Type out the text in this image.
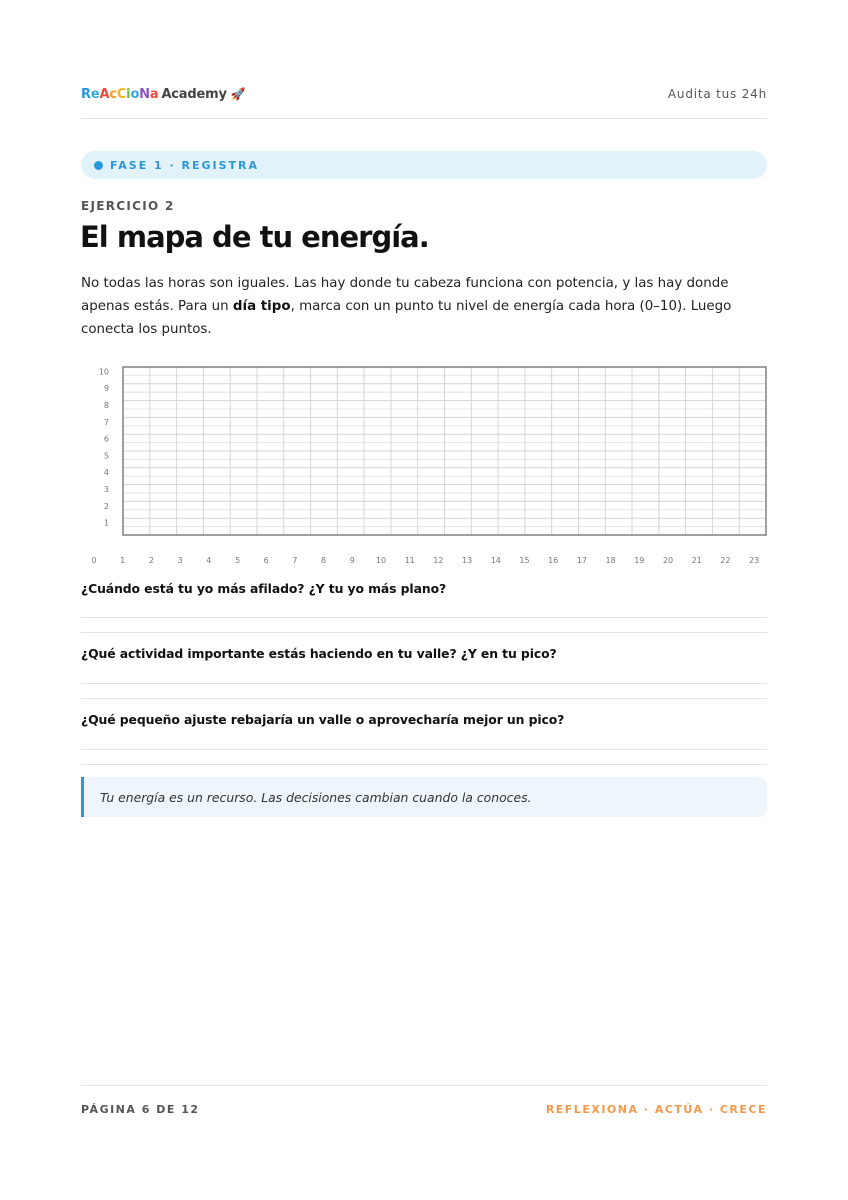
ReAcCioNa Academy 🚀	Audita tus 24h
FASE 1 · REGISTRA
EJERCICIO 2
El mapa de tu energía.

No todas las horas son iguales. Las hay donde tu cabeza funciona con potencia, y las hay donde apenas estás. Para un día tipo, marca con un punto tu nivel de energía cada hora (0–10). Luego conecta los puntos.

10
9
8
7
6
5
4
3
2
1
0	1	2	3	4	5	6	7	8	9	10 11 12 13 14 15 16 17 18 19 20 21 22 23
¿Cuándo está tu yo más afilado? ¿Y tu yo más plano?
¿Qué actividad importante estás haciendo en tu valle? ¿Y en tu pico?
¿Qué pequeño ajuste rebajaría un valle o aprovecharía mejor un pico?
Tu energía es un recurso. Las decisiones cambian cuando la conoces.
PÁGINA 6 DE 12	REFLEXIONA · ACTÚA · CRECE
